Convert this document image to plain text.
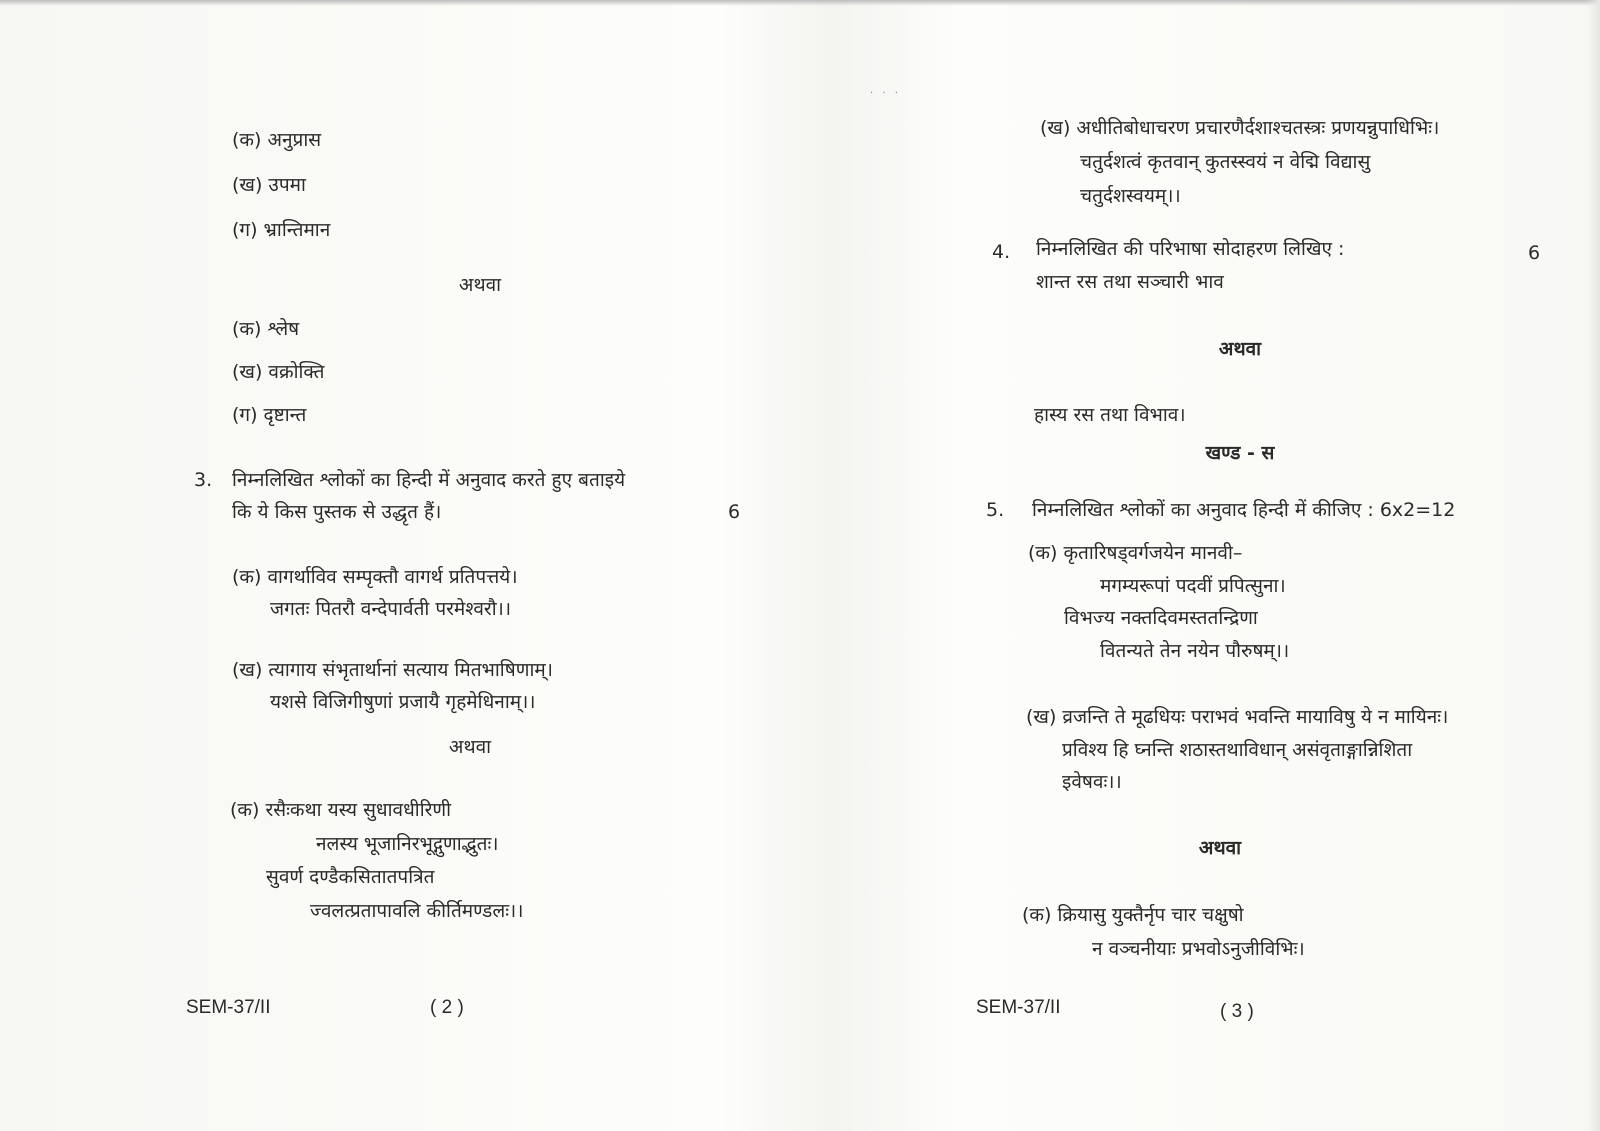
· · ·
(क) अनुप्रास
(ख) उपमा
(ग) भ्रान्तिमान
अथवा
(क) श्लेष
(ख) वक्रोक्ति
(ग) दृष्टान्त
3. निम्नलिखित श्लोकों का हिन्दी में अनुवाद करते हुए बताइये
कि ये किस पुस्तक से उद्धृत हैं।	6
(क) वागर्थाविव सम्पृक्तौ वागर्थ प्रतिपत्तये।
जगतः पितरौ वन्देपार्वती परमेश्वरौ।।
(ख) त्यागाय संभृतार्थानां सत्याय मितभाषिणाम्।
यशसे विजिगीषुणां प्रजायै गृहमेधिनाम्।।
अथवा
(क) रसैःकथा यस्य सुधावधीरिणी
नलस्य भूजानिरभूद्गुणाद्भुतः।
सुवर्ण दण्डैकसितातपत्रित
ज्वलत्प्रतापावलि कीर्तिमण्डलः।।
SEM-37/II	( 2 )
(ख) अधीतिबोधाचरण प्रचारणैर्दशाश्चतस्त्रः प्रणयन्नुपाधिभिः।
चतुर्दशत्वं कृतवान् कुतस्स्वयं न वेद्मि विद्यासु
चतुर्दशस्वयम्।।
4. निम्नलिखित की परिभाषा सोदाहरण लिखिए :	6
शान्त रस तथा सञ्चारी भाव
अथवा
हास्य रस तथा विभाव।
खण्ड - स
5. निम्नलिखित श्लोकों का अनुवाद हिन्दी में कीजिए : 6x2=12
(क) कृतारिषड्वर्गजयेन मानवी–
मगम्यरूपां पदवीं प्रपित्सुना।
विभज्य नक्तदिवमस्ततन्द्रिणा
वितन्यते तेन नयेन पौरुषम्।।
(ख) व्रजन्ति ते मूढधियः पराभवं भवन्ति मायाविषु ये न मायिनः।
प्रविश्य हि घ्नन्ति शठास्तथाविधान् असंवृताङ्गान्निशिता
इवेषवः।।
अथवा
(क) क्रियासु युक्तैर्नृप चार चक्षुषो
न वञ्चनीयाः प्रभवोऽनुजीविभिः।
SEM-37/II	( 3 )
